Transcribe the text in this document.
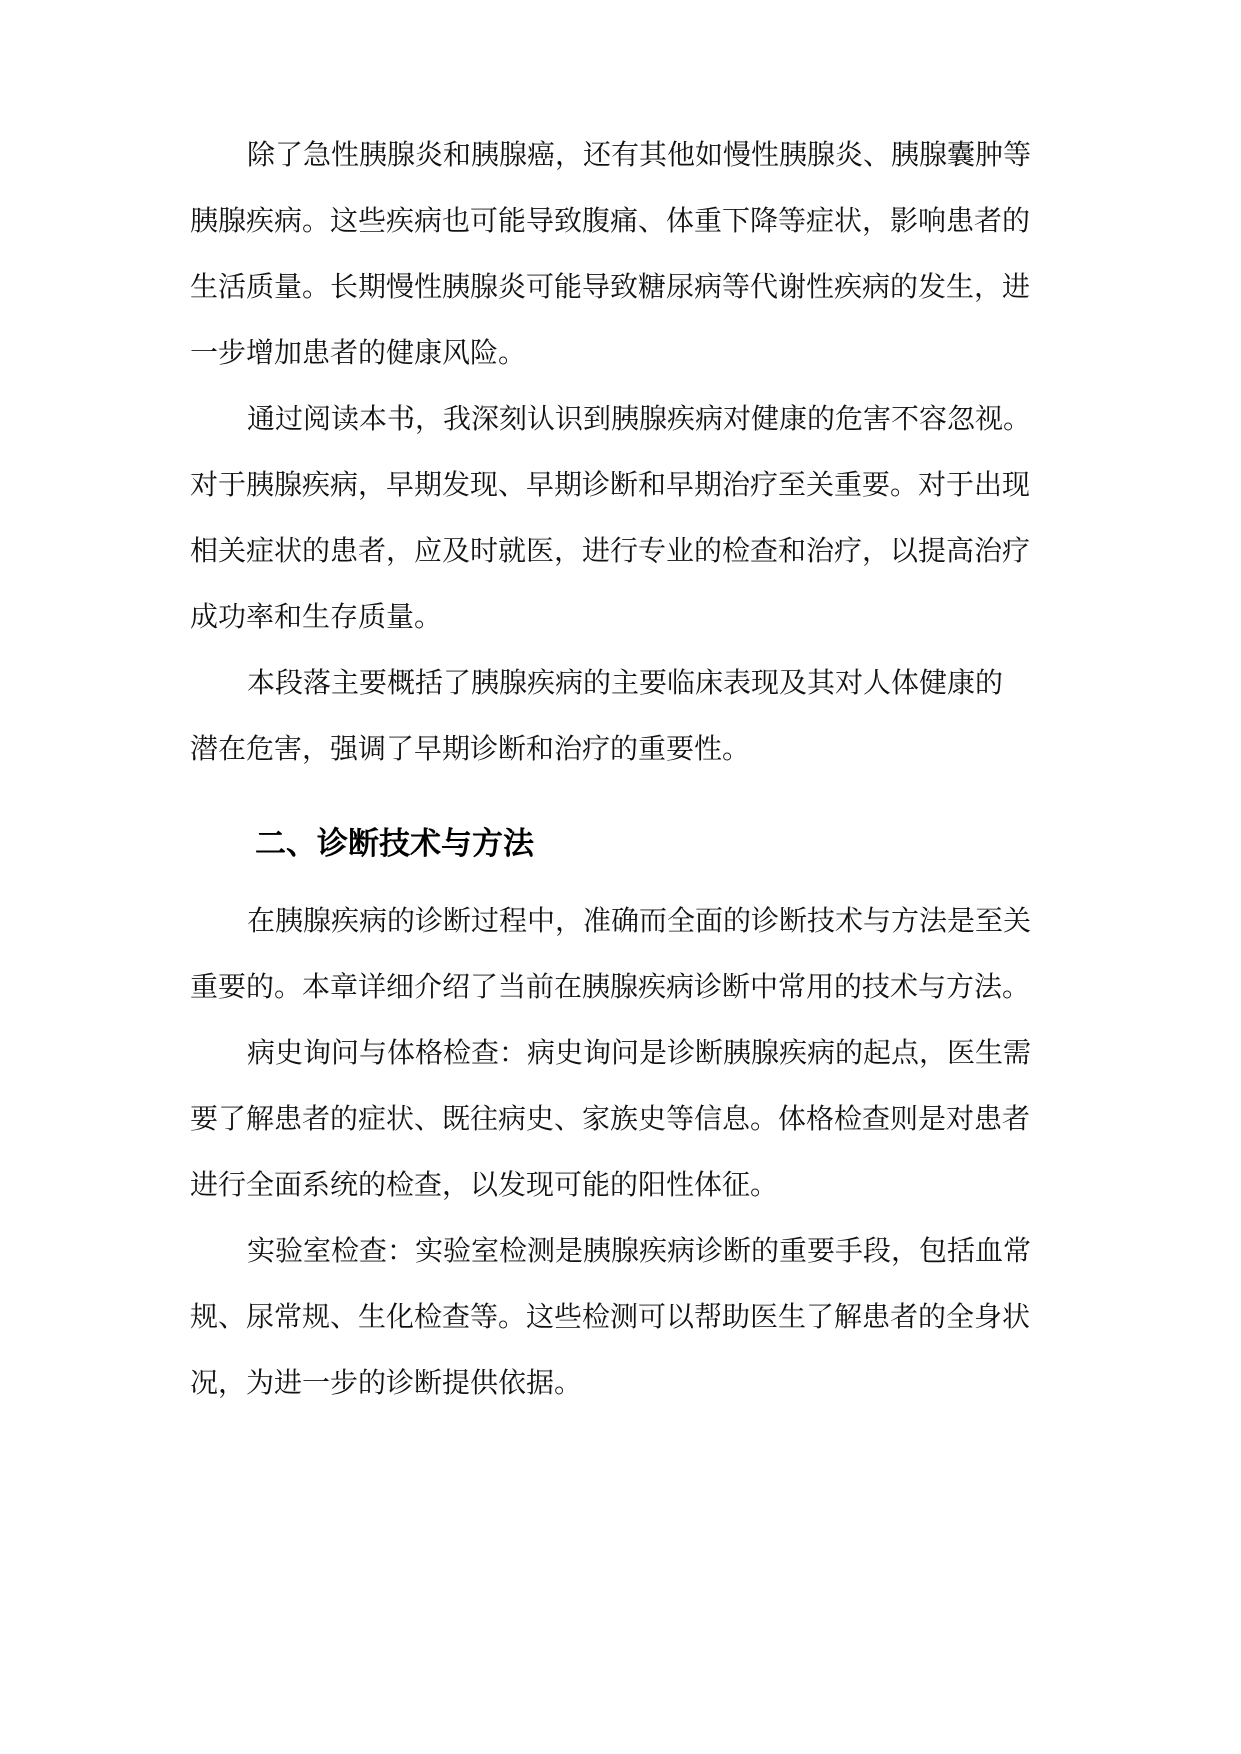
除了急性胰腺炎和胰腺癌，还有其他如慢性胰腺炎、胰腺囊肿等
胰腺疾病。这些疾病也可能导致腹痛、体重下降等症状，影响患者的
生活质量。长期慢性胰腺炎可能导致糖尿病等代谢性疾病的发生，进
一步增加患者的健康风险。
通过阅读本书，我深刻认识到胰腺疾病对健康的危害不容忽视。
对于胰腺疾病，早期发现、早期诊断和早期治疗至关重要。对于出现
相关症状的患者，应及时就医，进行专业的检查和治疗，以提高治疗
成功率和生存质量。
本段落主要概括了胰腺疾病的主要临床表现及其对人体健康的
潜在危害，强调了早期诊断和治疗的重要性。
二、诊断技术与方法
在胰腺疾病的诊断过程中，准确而全面的诊断技术与方法是至关
重要的。本章详细介绍了当前在胰腺疾病诊断中常用的技术与方法。
病史询问与体格检查：病史询问是诊断胰腺疾病的起点，医生需
要了解患者的症状、既往病史、家族史等信息。体格检查则是对患者
进行全面系统的检查，以发现可能的阳性体征。
实验室检查：实验室检测是胰腺疾病诊断的重要手段，包括血常
规、尿常规、生化检查等。这些检测可以帮助医生了解患者的全身状
况，为进一步的诊断提供依据。
